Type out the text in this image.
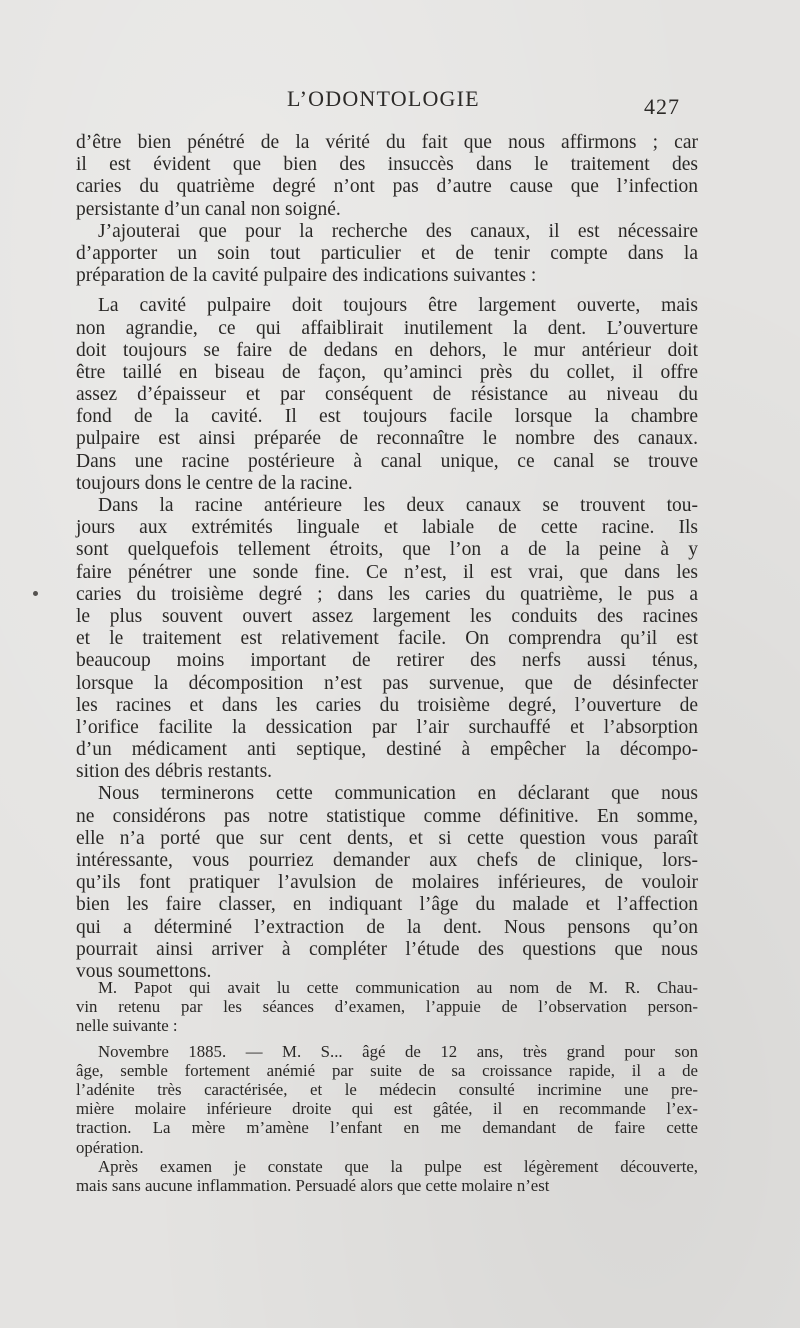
L’ODONTOLOGIE	427
d’être bien pénétré de la vérité du fait que nous affirmons ; car
il est évident que bien des insuccès dans le traitement des
caries du quatrième degré n’ont pas d’autre cause que l’infection
persistante d’un canal non soigné.
J’ajouterai que pour la recherche des canaux, il est nécessaire
d’apporter un soin tout particulier et de tenir compte dans la
préparation de la cavité pulpaire des indications suivantes :
La cavité pulpaire doit toujours être largement ouverte, mais
non agrandie, ce qui affaiblirait inutilement la dent. L’ouverture
doit toujours se faire de dedans en dehors, le mur antérieur doit
être taillé en biseau de façon, qu’aminci près du collet, il offre
assez d’épaisseur et par conséquent de résistance au niveau du
fond de la cavité. Il est toujours facile lorsque la chambre
pulpaire est ainsi préparée de reconnaître le nombre des canaux.
Dans une racine postérieure à canal unique, ce canal se trouve
toujours dons le centre de la racine.
Dans la racine antérieure les deux canaux se trouvent tou-
jours aux extrémités linguale et labiale de cette racine. Ils
sont quelquefois tellement étroits, que l’on a de la peine à y
faire pénétrer une sonde fine. Ce n’est, il est vrai, que dans les
caries du troisième degré ; dans les caries du quatrième, le pus a
le plus souvent ouvert assez largement les conduits des racines
et le traitement est relativement facile. On comprendra qu’il est
beaucoup moins important de retirer des nerfs aussi ténus,
lorsque la décomposition n’est pas survenue, que de désinfecter
les racines et dans les caries du troisième degré, l’ouverture de
l’orifice facilite la dessication par l’air surchauffé et l’absorption
d’un médicament anti septique, destiné à empêcher la décompo-
sition des débris restants.
Nous terminerons cette communication en déclarant que nous
ne considérons pas notre statistique comme définitive. En somme,
elle n’a porté que sur cent dents, et si cette question vous paraît
intéressante, vous pourriez demander aux chefs de clinique, lors-
qu’ils font pratiquer l’avulsion de molaires inférieures, de vouloir
bien les faire classer, en indiquant l’âge du malade et l’affection
qui a déterminé l’extraction de la dent. Nous pensons qu’on
pourrait ainsi arriver à compléter l’étude des questions que nous
vous soumettons.
M. Papot qui avait lu cette communication au nom de M. R. Chau-
vin retenu par les séances d’examen, l’appuie de l’observation person-
nelle suivante :
Novembre 1885. — M. S... âgé de 12 ans, très grand pour son
âge, semble fortement anémié par suite de sa croissance rapide, il a de
l’adénite très caractérisée, et le médecin consulté incrimine une pre-
mière molaire inférieure droite qui est gâtée, il en recommande l’ex-
traction. La mère m’amène l’enfant en me demandant de faire cette
opération.
Après examen je constate que la pulpe est légèrement découverte,
mais sans aucune inflammation. Persuadé alors que cette molaire n’est
